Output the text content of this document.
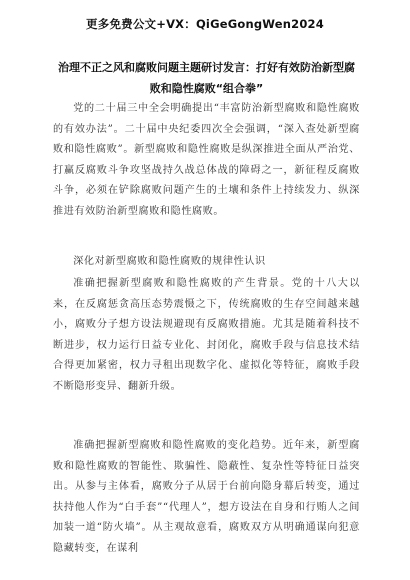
更多免费公文+VX：QiGeGongWen2024
治理不正之风和腐败问题主题研讨发言：打好有效防治新型腐败和隐性腐败“组合拳”

党的二十届三中全会明确提出“丰富防治新型腐败和隐性腐败的有效办法”。二十届中央纪委四次全会强调，“深入查处新型腐败和隐性腐败”。新型腐败和隐性腐败是纵深推进全面从严治党、打赢反腐败斗争攻坚战持久战总体战的障碍之一，新征程反腐败斗争，必须在铲除腐败问题产生的土壤和条件上持续发力、纵深推进有效防治新型腐败和隐性腐败。

深化对新型腐败和隐性腐败的规律性认识

准确把握新型腐败和隐性腐败的产生背景。党的十八大以来，在反腐惩贪高压态势震慑之下，传统腐败的生存空间越来越小，腐败分子想方设法规避现有反腐败措施。尤其是随着科技不断进步，权力运行日益专业化、封闭化，腐败手段与信息技术结合得更加紧密，权力寻租出现数字化、虚拟化等特征，腐败手段不断隐形变异、翻新升级。

准确把握新型腐败和隐性腐败的变化趋势。近年来，新型腐败和隐性腐败的智能性、欺骗性、隐蔽性、复杂性等特征日益突出。从参与主体看，腐败分子从居于台前向隐身幕后转变，通过扶持他人作为“白手套”“代理人”，想方设法在自身和行贿人之间加装一道“防火墙”。从主观故意看，腐败双方从明确通谋向犯意隐藏转变，在谋利
